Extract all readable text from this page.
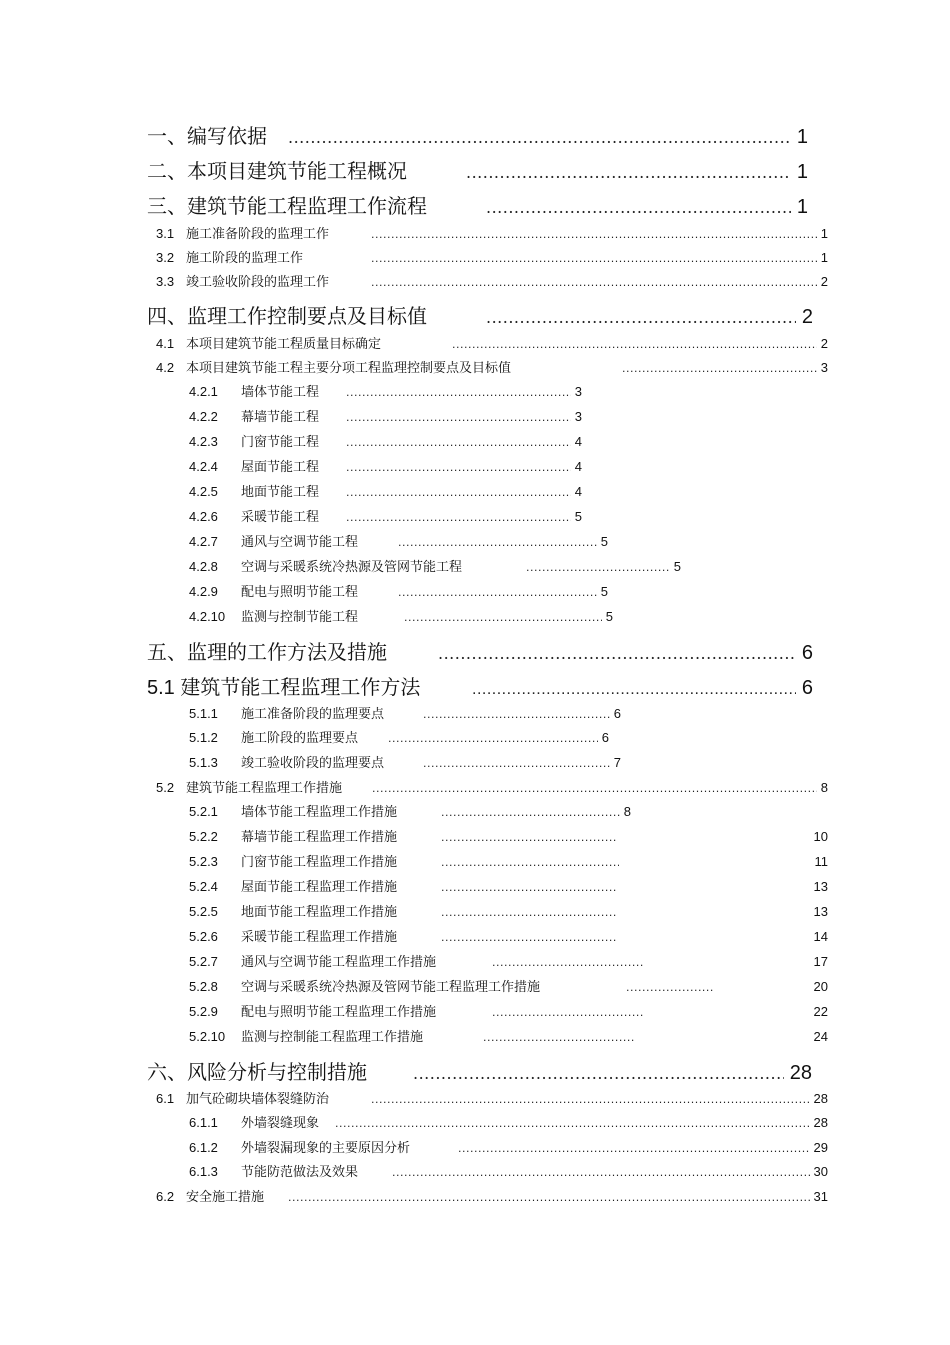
一、编写依据 .....	1
二、本项目建筑节能工程概况 .....	1
三、建筑节能工程监理工作流程 .....	1
3.1 施工准备阶段的监理工作 .....	1
3.2 施工阶段的监理工作 .....	1
3.3 竣工验收阶段的监理工作 .....	2
四、监理工作控制要点及目标值 .....	2
4.1 本项目建筑节能工程质量目标确定 .....	2
4.2 本项目建筑节能工程主要分项工程监理控制要点及目标值 .....	3
4.2.1	墙体节能工程 .....	3
4.2.2	幕墙节能工程 .....	3
4.2.3	门窗节能工程 .....	4
4.2.4	屋面节能工程 .....	4
4.2.5	地面节能工程 .....	4
4.2.6	采暖节能工程 .....	5
4.2.7	通风与空调节能工程 .....	5
4.2.8	空调与采暖系统冷热源及管网节能工程 .....	5
4.2.9	配电与照明节能工程 .....	5
4.2.10	监测与控制节能工程 .....	5
五、监理的工作方法及措施 .....	6
5.1 建筑节能工程监理工作方法 .....	6
5.1.1	施工准备阶段的监理要点 .....	6
5.1.2	施工阶段的监理要点 .....	6
5.1.3	竣工验收阶段的监理要点 .....	7
5.2 建筑节能工程监理工作措施 .....	8
5.2.1	墙体节能工程监理工作措施 .....	8
5.2.2	幕墙节能工程监理工作措施 .....	10
5.2.3	门窗节能工程监理工作措施 .....	11
5.2.4	屋面节能工程监理工作措施 .....	13
5.2.5	地面节能工程监理工作措施 .....	13
5.2.6	采暖节能工程监理工作措施 .....	14
5.2.7	通风与空调节能工程监理工作措施 .....	17
5.2.8	空调与采暖系统冷热源及管网节能工程监理工作措施 .....	20
5.2.9	配电与照明节能工程监理工作措施 .....	22
5.2.10	监测与控制能工程监理工作措施 .....	24
六、风险分析与控制措施 .....	28
6.1 加气砼砌块墙体裂缝防治 .....	28
6.1.1	外墙裂缝现象 .....	28
6.1.2	外墙裂漏现象的主要原因分析 .....	29
6.1.3	节能防范做法及效果 .....	30
6.2 安全施工措施 .....	31
